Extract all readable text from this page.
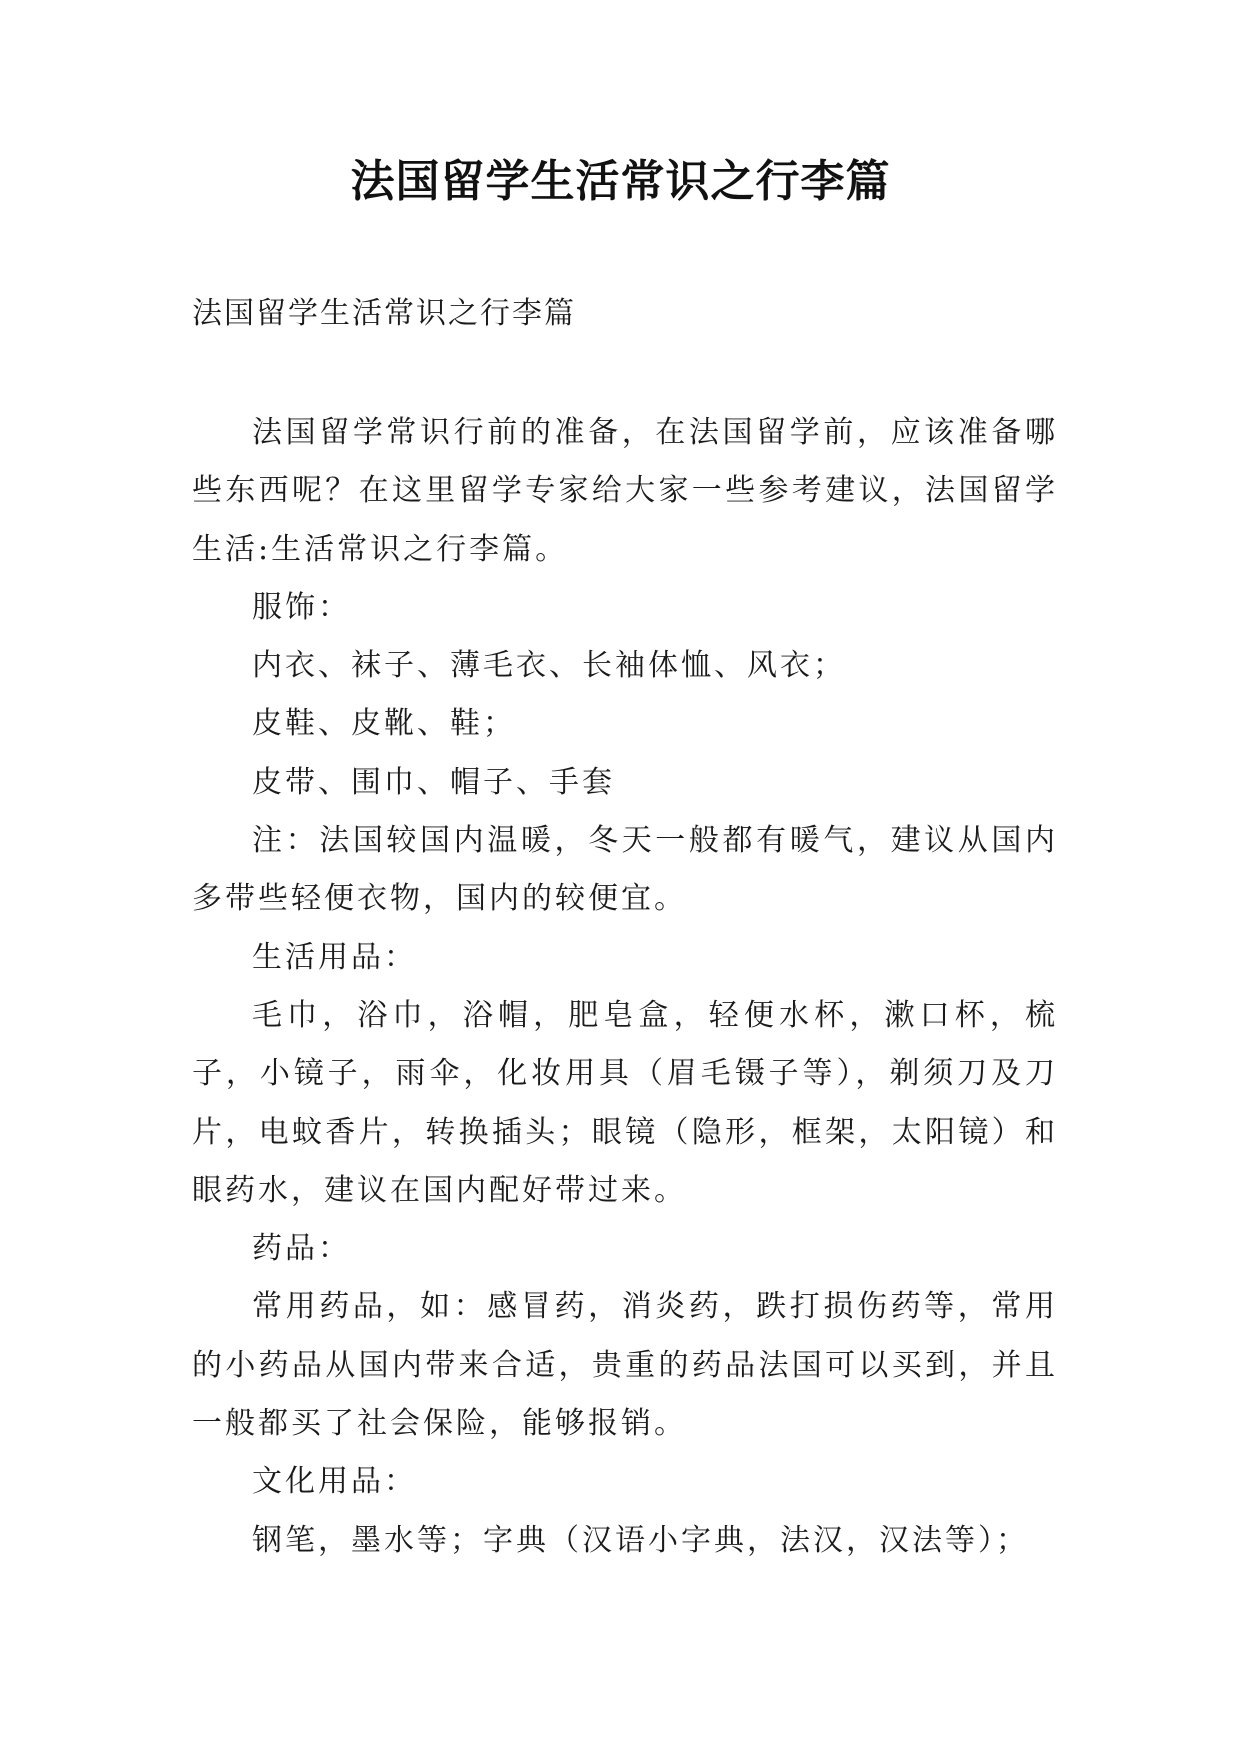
法国留学生活常识之行李篇

法国留学生活常识之行李篇

法国留学常识行前的准备，在法国留学前，应该准备哪些东西呢？在这里留学专家给大家一些参考建议，法国留学生活:生活常识之行李篇。

服饰：

内衣、袜子、薄毛衣、长袖体恤、风衣；

皮鞋、皮靴、鞋；

皮带、围巾、帽子、手套

注：法国较国内温暖，冬天一般都有暖气，建议从国内多带些轻便衣物，国内的较便宜。

生活用品：

毛巾，浴巾，浴帽，肥皂盒，轻便水杯，漱口杯，梳子，小镜子，雨伞，化妆用具（眉毛镊子等），剃须刀及刀片，电蚊香片，转换插头；眼镜（隐形，框架，太阳镜）和眼药水，建议在国内配好带过来。

药品：

常用药品，如：感冒药，消炎药，跌打损伤药等，常用的小药品从国内带来合适，贵重的药品法国可以买到，并且一般都买了社会保险，能够报销。

文化用品：

钢笔，墨水等；字典（汉语小字典，法汉，汉法等）；
